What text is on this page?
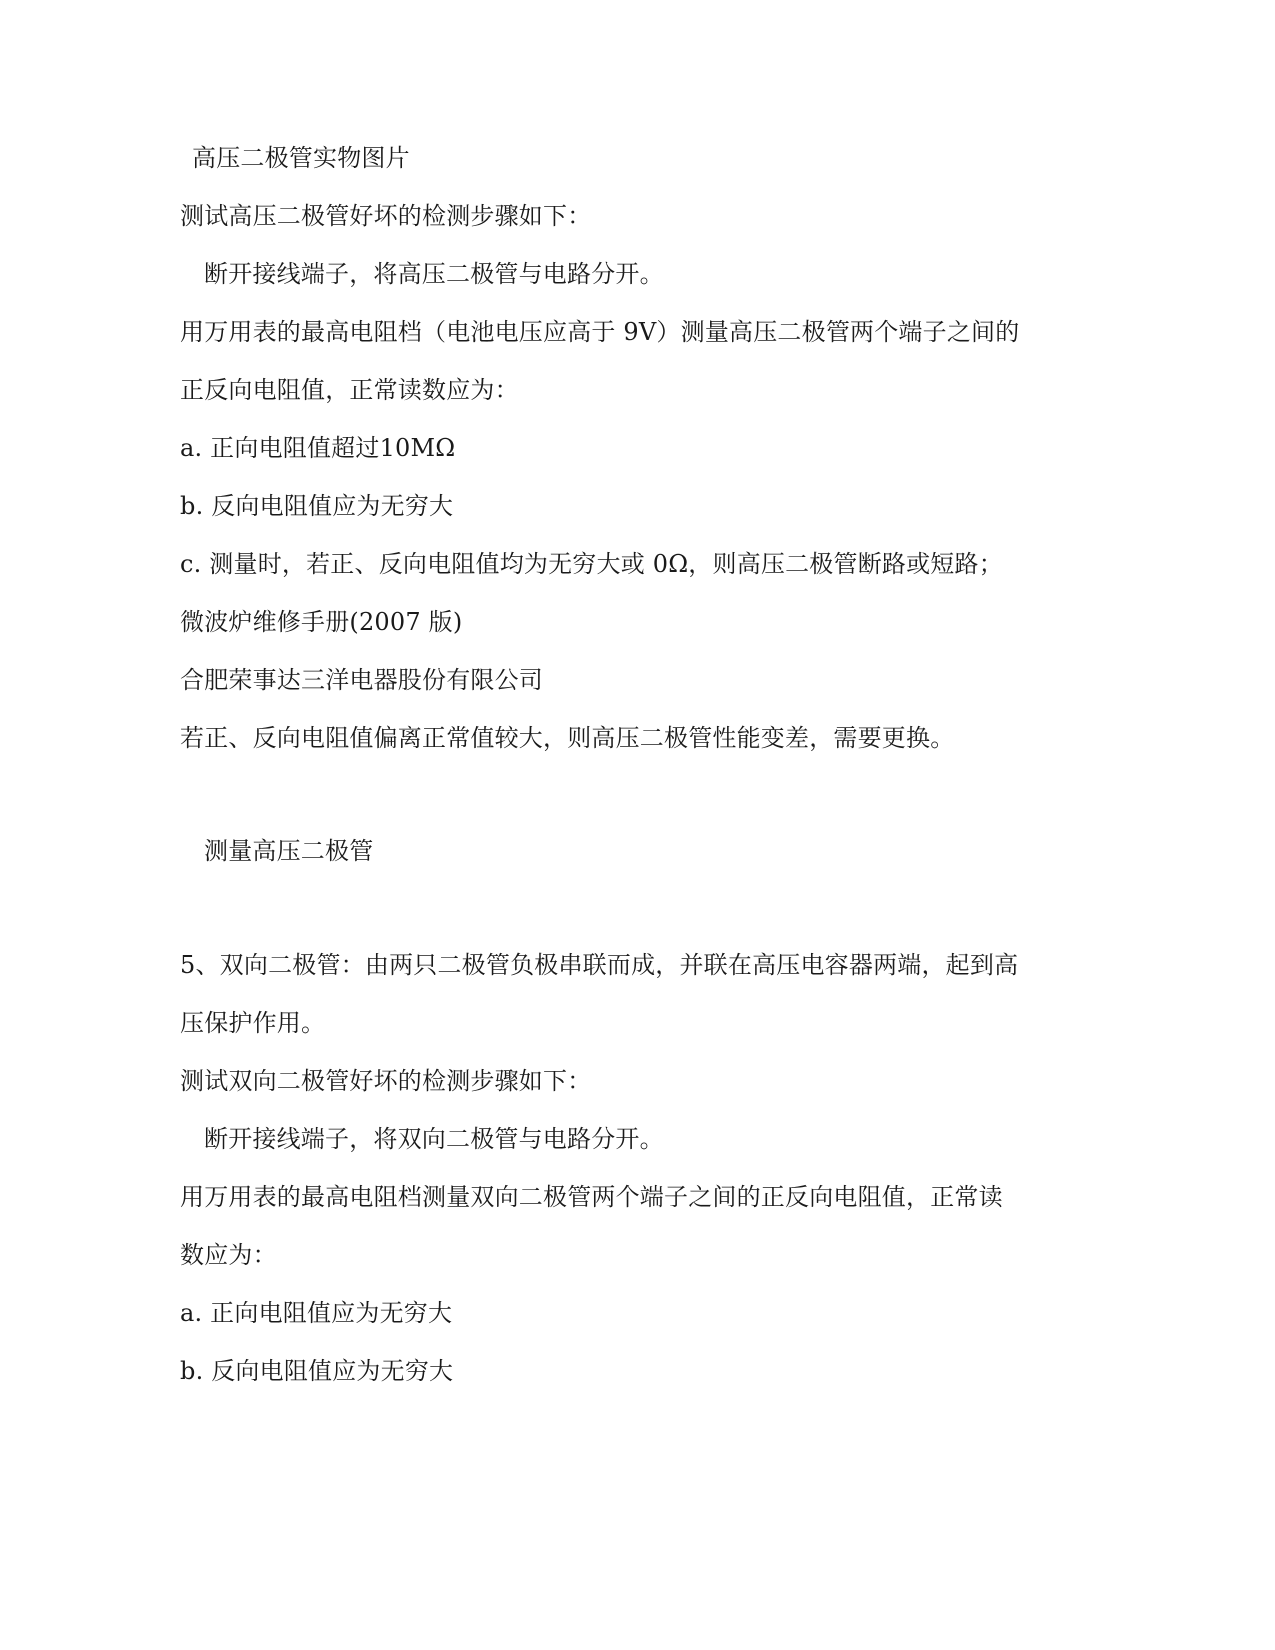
高压二极管实物图片
测试高压二极管好坏的检测步骤如下：
断开接线端子，将高压二极管与电路分开。
用万用表的最高电阻档（电池电压应高于 9V）测量高压二极管两个端子之间的
正反向电阻值，正常读数应为：
a. 正向电阻值超过10MΩ
b. 反向电阻值应为无穷大
c. 测量时，若正、反向电阻值均为无穷大或 0Ω，则高压二极管断路或短路；
微波炉维修手册(2007 版)
合肥荣事达三洋电器股份有限公司
若正、反向电阻值偏离正常值较大，则高压二极管性能变差，需要更换。
测量高压二极管
5、双向二极管：由两只二极管负极串联而成，并联在高压电容器两端，起到高
压保护作用。
测试双向二极管好坏的检测步骤如下：
断开接线端子，将双向二极管与电路分开。
用万用表的最高电阻档测量双向二极管两个端子之间的正反向电阻值，正常读
数应为：
a. 正向电阻值应为无穷大
b. 反向电阻值应为无穷大
